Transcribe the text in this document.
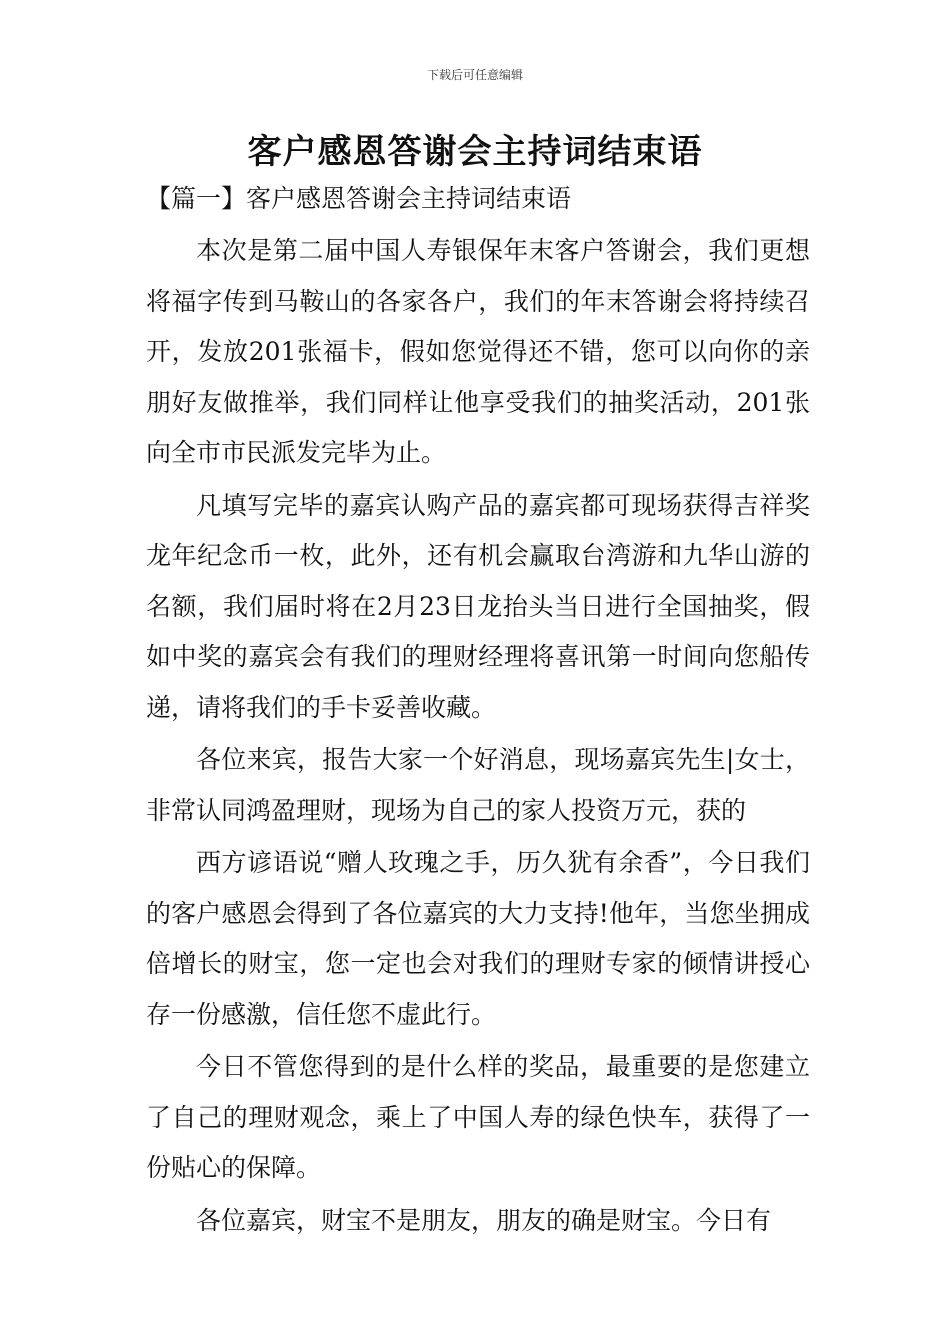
下载后可任意编辑
客户感恩答谢会主持词结束语
【篇一】客户感恩答谢会主持词结束语

本次是第二届中国人寿银保年末客户答谢会，我们更想将福字传到马鞍山的各家各户，我们的年末答谢会将持续召开，发放201张福卡，假如您觉得还不错，您可以向你的亲朋好友做推举，我们同样让他享受我们的抽奖活动，201张向全市市民派发完毕为止。

凡填写完毕的嘉宾认购产品的嘉宾都可现场获得吉祥奖龙年纪念币一枚，此外，还有机会赢取台湾游和九华山游的名额，我们届时将在2月23日龙抬头当日进行全国抽奖，假如中奖的嘉宾会有我们的理财经理将喜讯第一时间向您船传递，请将我们的手卡妥善收藏。

各位来宾，报告大家一个好消息，现场嘉宾先生|女士，非常认同鸿盈理财，现场为自己的家人投资万元，获的

西方谚语说“赠人玫瑰之手，历久犹有余香”，今日我们的客户感恩会得到了各位嘉宾的大力支持!他年，当您坐拥成倍增长的财宝，您一定也会对我们的理财专家的倾情讲授心存一份感激，信任您不虚此行。

今日不管您得到的是什么样的奖品，最重要的是您建立了自己的理财观念，乘上了中国人寿的绿色快车，获得了一份贴心的保障。

各位嘉宾，财宝不是朋友，朋友的确是财宝。今日有
